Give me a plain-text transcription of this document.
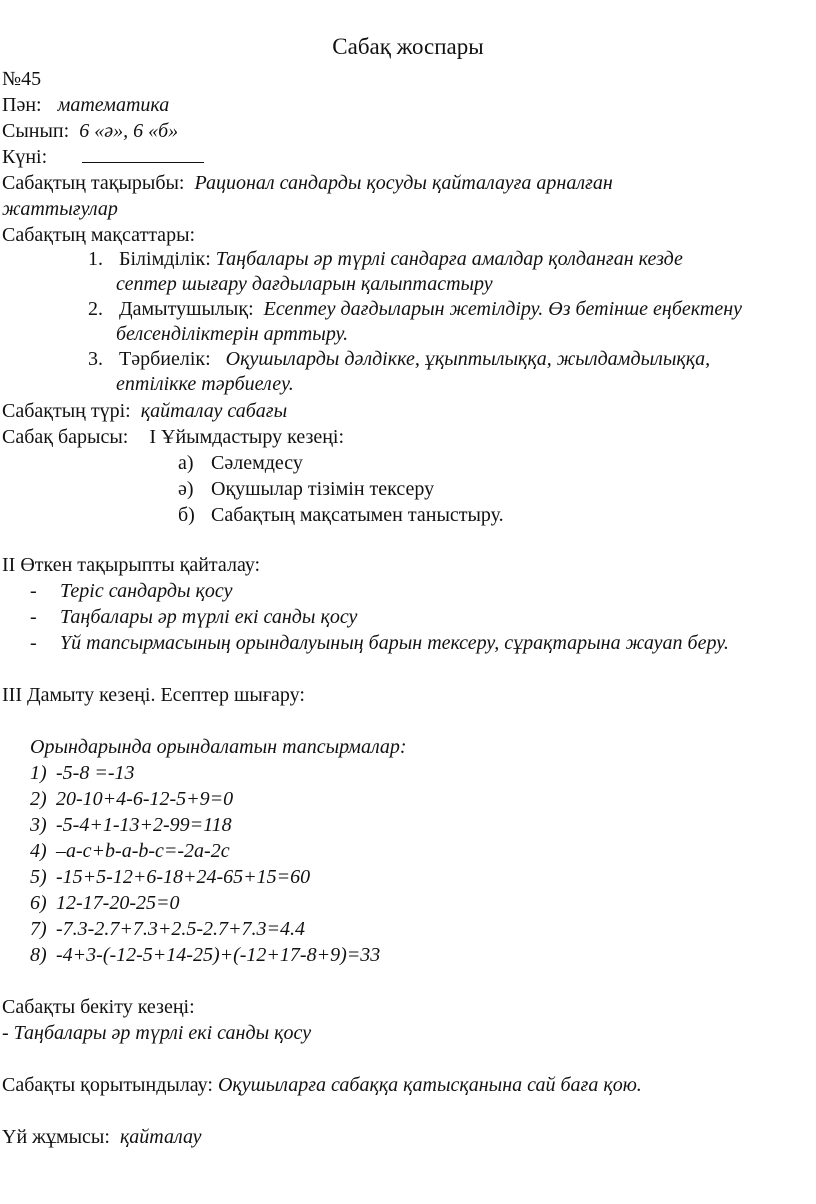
Сабақ жоспары
№45
Пән: математика
Сынып: 6 «ә», 6 «б»
Күні:
Сабақтың тақырыбы: Рационал сандарды қосуды қайталауға арналған
жаттығулар
Сабақтың мақсаттары:
1. Білімділік: Таңбалары әр түрлі сандарға амалдар қолданған кезде
септер шығару дағдыларын қалыптастыру
2. Дамытушылық: Есептеу дағдыларын жетілдіру. Өз бетінше еңбектену
белсенділіктерін арттыру.
3. Тәрбиелік: Оқушыларды дәлдікке, ұқыптылыққа, жылдамдылыққа,
ептілікке тәрбиелеу.
Сабақтың түрі: қайталау сабағы
Сабақ барысы: І Ұйымдастыру кезеңі:
а) Сәлемдесу
ә) Оқушылар тізімін тексеру
б) Сабақтың мақсатымен таныстыру.
ІІ Өткен тақырыпты қайталау:
- Теріс сандарды қосу
- Таңбалары әр түрлі екі санды қосу
- Үй тапсырмасының орындалуының барын тексеру, сұрақтарына жауап беру.
ІІІ Дамыту кезеңі. Есептер шығару:
Орындарында орындалатын тапсырмалар:
1) -5-8 =-13
2) 20-10+4-6-12-5+9=0
3) -5-4+1-13+2-99=118
4) –a-c+b-a-b-c=-2a-2c
5) -15+5-12+6-18+24-65+15=60
6) 12-17-20-25=0
7) -7.3-2.7+7.3+2.5-2.7+7.3=4.4
8) -4+3-(-12-5+14-25)+(-12+17-8+9)=33
Сабақты бекіту кезеңі:
- Таңбалары әр түрлі екі санды қосу
Сабақты қорытындылау: Оқушыларға сабаққа қатысқанына сай баға қою.
Үй жұмысы: қайталау
